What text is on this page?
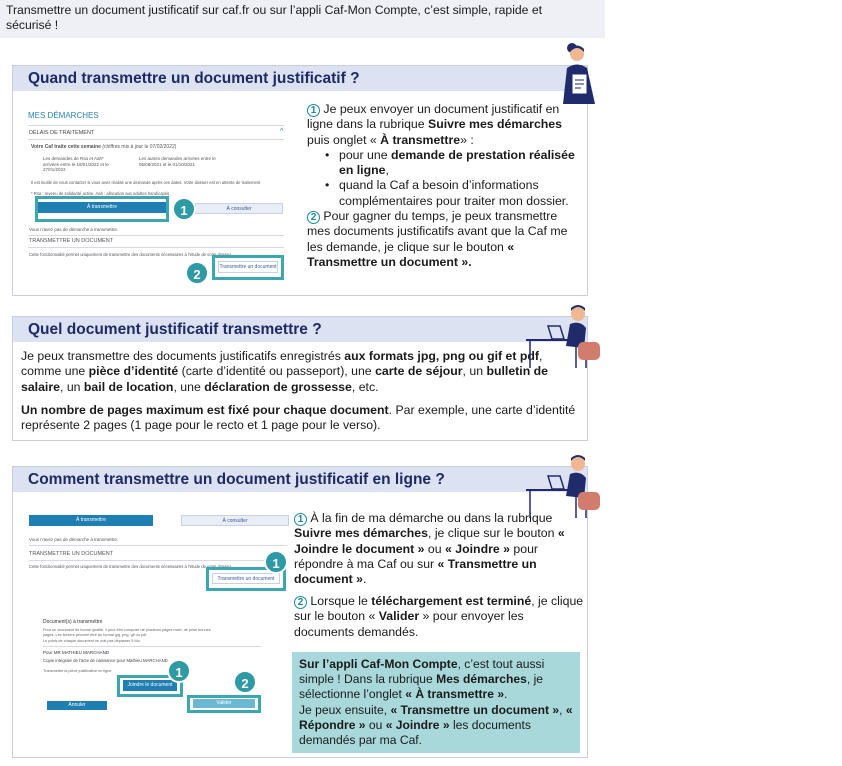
Transmettre un document justificatif sur caf.fr ou sur l’appli Caf-Mon Compte, c’est simple, rapide et
sécurisé !
Quand transmettre un document justificatif ?
MES DÉMARCHES
DÉLAIS DE TRAITEMENT	^
Votre Caf traite cette semaine (chiffres mis à jour le 07/02/2022)
Les demandes de Rsa et Aah* arrivées entre le 18/01/2022 et le 27/01/2022
Les autres demandes arrivées entre le 05/08/2021 et le 01/10/2021
Il est inutile de vous contacter si vous avez réalisé une demande après ces dates. Votre dossier est en attente de traitement
* Rsa : revenu de solidarité active. Aah : allocation aux adultes handicapés
À transmettre	À consulter
1
Vous n'avez pas de démarche à transmettre.
TRANSMETTRE UN DOCUMENT
Cette fonctionnalité permet uniquement de transmettre des documents nécessaires à l'étude de votre dossier.
Transmettre un document
2
1 Je peux envoyer un document justificatif en ligne dans la rubrique Suivre mes démarches puis onglet « À transmettre» :
• pour une demande de prestation réalisée en ligne,
• quand la Caf a besoin d’informations complémentaires pour traiter mon dossier.
2 Pour gagner du temps, je peux transmettre mes documents justificatifs avant que la Caf me les demande, je clique sur le bouton « Transmettre un document ».
Quel document justificatif transmettre ?
Je peux transmettre des documents justificatifs enregistrés aux formats jpg, png ou gif et pdf, comme une pièce d’identité (carte d’identité ou passeport), une carte de séjour, un bulletin de salaire, un bail de location, une déclaration de grossesse, etc.
Un nombre de pages maximum est fixé pour chaque document. Par exemple, une carte d’identité représente 2 pages (1 page pour le recto et 1 page pour le verso).
Comment transmettre un document justificatif en ligne ?
À transmettre	À consulter
Vous n'avez pas de démarche à transmettre.
TRANSMETTRE UN DOCUMENT
Cette fonctionnalité permet uniquement de transmettre des documents nécessaires à l'étude de votre dossier.
Transmettre un document
1
Document(s) à transmettre
Pour un document de bonne qualité, il peut être composé de plusieurs pages maxi, de prise bonnes pages. Les fichiers peuvent être au format jpg, png, gif ou pdf.
Le poids de chaque document ne doit pas dépasser 5 Mo.
Pour MR MATHIEU MARCHAND
Copie intégrale de l'acte de naissance pour Mathieu MARCHAND
Transmettre la pièce justificative en ligne
Joindre le document
1
Annuler	Valider
2
1 À la fin de ma démarche ou dans la rubrique Suivre mes démarches, je clique sur le bouton « Joindre le document » ou « Joindre » pour répondre à ma Caf ou sur « Transmettre un document ».
2 Lorsque le téléchargement est terminé, je clique sur le bouton « Valider » pour envoyer les documents demandés.
Sur l’appli Caf-Mon Compte, c’est tout aussi simple ! Dans la rubrique Mes démarches, je sélectionne l’onglet « À transmettre ».
Je peux ensuite, « Transmettre un document », « Répondre » ou « Joindre » les documents demandés par ma Caf.
